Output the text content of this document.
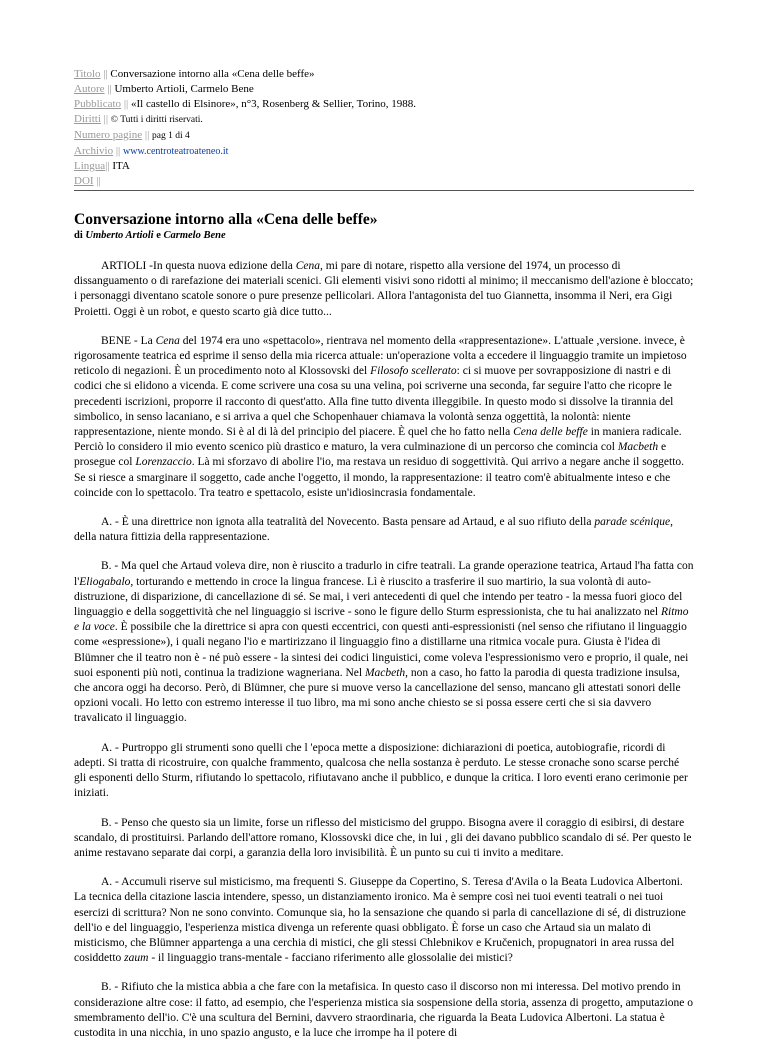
Titolo || Conversazione intorno alla «Cena delle beffe»
Autore || Umberto Artioli, Carmelo Bene
Pubblicato || «Il castello di Elsinore», n°3, Rosenberg & Sellier, Torino, 1988.
Diritti || © Tutti i diritti riservati.
Numero pagine || pag 1 di 4
Archivio || www.centroteatroateneo.it
Lingua|| ITA
DOI ||
Conversazione intorno alla «Cena delle beffe»
di Umberto Artioli e Carmelo Bene

ARTIOLI -In questa nuova edizione della Cena, mi pare di notare, rispetto alla versione del 1974, un processo di dissanguamento o di rarefazione dei materiali scenici. Gli elementi visivi sono ridotti al minimo; il meccanismo dell'azione è bloccato; i personaggi diventano scatole sonore o pure presenze pellicolari. Allora l'antagonista del tuo Giannetta, insomma il Neri, era Gigi Proietti. Oggi è un robot, e questo scarto già dice tutto...

BENE - La Cena del 1974 era uno «spettacolo», rientrava nel momento della «rappresentazione». L'attuale ,versione. invece, è rigorosamente teatrica ed esprime il senso della mia ricerca attuale: un'operazione volta a eccedere il linguaggio tramite un impietoso reticolo di negazioni. È un procedimento noto al Klossovski del Filosofo scellerato: ci si muove per sovrapposizione di nastri e di codici che si elidono a vicenda. E come scrivere una cosa su una velina, poi scriverne una seconda, far seguire l'atto che ricopre le precedenti iscrizioni, proporre il racconto di quest'atto. Alla fine tutto diventa illeggibile. In questo modo si dissolve la tirannia del simbolico, in senso lacaniano, e si arriva a quel che Schopenhauer chiamava la volontà senza oggettità, la nolontà: niente rappresentazione, niente mondo. Si è al di là del principio del piacere. È quel che ho fatto nella Cena delle beffe in maniera radicale. Perciò lo considero il mio evento scenico più drastico e maturo, la vera culminazione di un percorso che comincia col Macbeth e prosegue col Lorenzaccio. Là mi sforzavo di abolire l'io, ma restava un residuo di soggettività. Qui arrivo a negare anche il soggetto. Se si riesce a smarginare il soggetto, cade anche l'oggetto, il mondo, la rappresentazione: il teatro com'è abitualmente inteso e che coincide con lo spettacolo. Tra teatro e spettacolo, esiste un'idiosincrasia fondamentale.

A. - È una direttrice non ignota alla teatralità del Novecento. Basta pensare ad Artaud, e al suo rifiuto della parade scénique, della natura fittizia della rappresentazione.

B. - Ma quel che Artaud voleva dire, non è riuscito a tradurlo in cifre teatrali. La grande operazione teatrica, Artaud l'ha fatta con l'Eliogabalo, torturando e mettendo in croce la lingua francese. Lì è riuscito a trasferire il suo martirio, la sua volontà di auto-distruzione, di disparizione, di cancellazione di sé. Se mai, i veri antecedenti di quel che intendo per teatro - la messa fuori gioco del linguaggio e della soggettività che nel linguaggio si iscrive - sono le figure dello Sturm espressionista, che tu hai analizzato nel Ritmo e la voce. È possibile che la direttrice si apra con questi eccentrici, con questi anti-espressionisti (nel senso che rifiutano il linguaggio come «espressione»), i quali negano l'io e martirizzano il linguaggio fino a distillarne una ritmica vocale pura. Giusta è l'idea di Blümner che il teatro non è - né può essere - la sintesi dei codici linguistici, come voleva l'espressionismo vero e proprio, il quale, nei suoi esponenti più noti, continua la tradizione wagneriana. Nel Macbeth, non a caso, ho fatto la parodia di questa tradizione insulsa, che ancora oggi ha decorso. Però, di Blümner, che pure si muove verso la cancellazione del senso, mancano gli attestati sonori delle opzioni vocali. Ho letto con estremo interesse il tuo libro, ma mi sono anche chiesto se si possa essere certi che si sia davvero travalicato il linguaggio.

A. - Purtroppo gli strumenti sono quelli che l 'epoca mette a disposizione: dichiarazioni di poetica, autobiografie, ricordi di adepti. Si tratta di ricostruire, con qualche frammento, qualcosa che nella sostanza è perduto. Le stesse cronache sono scarse perché gli esponenti dello Sturm, rifiutando lo spettacolo, rifiutavano anche il pubblico, e dunque la critica. I loro eventi erano cerimonie per iniziati.

B. - Penso che questo sia un limite, forse un riflesso del misticismo del gruppo. Bisogna avere il coraggio di esibirsi, di destare scandalo, di prostituirsi. Parlando dell'attore romano, Klossovski dice che, in lui , gli dei davano pubblico scandalo di sé. Per questo le anime restavano separate dai corpi, a garanzia della loro invisibilità. È un punto su cui ti invito a meditare.

A. - Accumuli riserve sul misticismo, ma frequenti S. Giuseppe da Copertino, S. Teresa d'Avila o la Beata Ludovica Albertoni. La tecnica della citazione lascia intendere, spesso, un distanziamento ironico. Ma è sempre così nei tuoi eventi teatrali o nei tuoi esercizi di scrittura? Non ne sono convinto. Comunque sia, ho la sensazione che quando si parla di cancellazione di sé, di distruzione dell'io e del linguaggio, l'esperienza mistica divenga un referente quasi obbligato. È forse un caso che Artaud sia un malato di misticismo, che Blümner appartenga a una cerchia di mistici, che gli stessi Chlebnikov e Kručenich, propugnatori in area russa del cosiddetto zaum - il linguaggio trans-mentale - facciano riferimento alle glossolalie dei mistici?

B. - Rifiuto che la mistica abbia a che fare con la metafisica. In questo caso il discorso non mi interessa. Del motivo prendo in considerazione altre cose: il fatto, ad esempio, che l'esperienza mistica sia sospensione della storia, assenza di progetto, amputazione o smembramento dell'io. C'è una scultura del Bernini, davvero straordinaria, che riguarda la Beata Ludovica Albertoni. La statua è custodita in una nicchia, in uno spazio angusto, e la luce che irrompe ha il potere di
